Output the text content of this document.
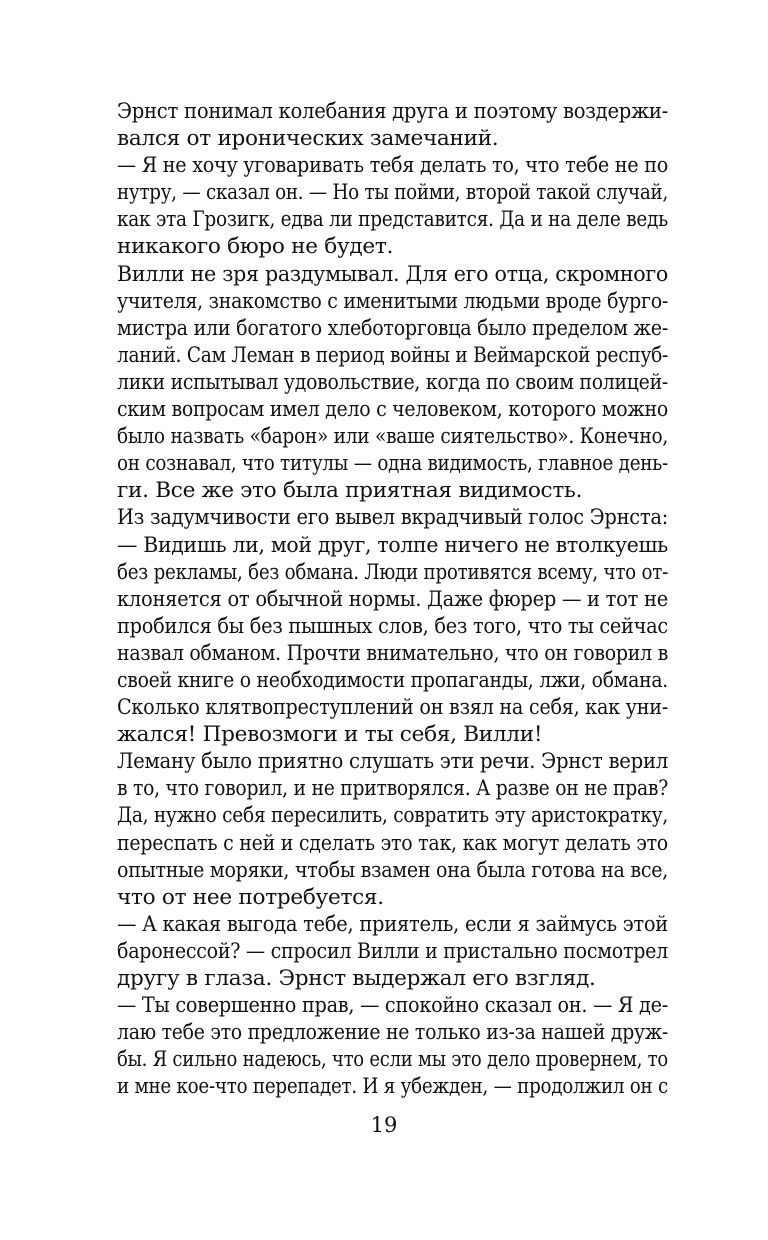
Эрнст понимал колебания друга и поэтому воздержи-
вался от иронических замечаний.
— Я не хочу уговаривать тебя делать то, что тебе не по
нутру, — сказал он. — Но ты пойми, второй такой случай,
как эта Грозигк, едва ли представится. Да и на деле ведь
никакого бюро не будет.
Вилли не зря раздумывал. Для его отца, скромного
учителя, знакомство с именитыми людьми вроде бурго-
мистра или богатого хлеботорговца было пределом же-
ланий. Сам Леман в период войны и Веймарской респуб-
лики испытывал удовольствие, когда по своим полицей-
ским вопросам имел дело с человеком, которого можно
было назвать «барон» или «ваше сиятельство». Конечно,
он сознавал, что титулы — одна видимость, главное день-
ги. Все же это была приятная видимость.
Из задумчивости его вывел вкрадчивый голос Эрнста:
— Видишь ли, мой друг, толпе ничего не втолкуешь
без рекламы, без обмана. Люди противятся всему, что от-
клоняется от обычной нормы. Даже фюрер — и тот не
пробился бы без пышных слов, без того, что ты сейчас
назвал обманом. Прочти внимательно, что он говорил в
своей книге о необходимости пропаганды, лжи, обмана.
Сколько клятвопреступлений он взял на себя, как уни-
жался! Превозмоги и ты себя, Вилли!
Леману было приятно слушать эти речи. Эрнст верил
в то, что говорил, и не притворялся. А разве он не прав?
Да, нужно себя пересилить, совратить эту аристократку,
переспать с ней и сделать это так, как могут делать это
опытные моряки, чтобы взамен она была готова на все,
что от нее потребуется.
— А какая выгода тебе, приятель, если я займусь этой
баронессой? — спросил Вилли и пристально посмотрел
другу в глаза. Эрнст выдержал его взгляд.
— Ты совершенно прав, — спокойно сказал он. — Я де-
лаю тебе это предложение не только из-за нашей друж-
бы. Я сильно надеюсь, что если мы это дело провернем, то
и мне кое-что перепадет. И я убежден, — продолжил он с
19
